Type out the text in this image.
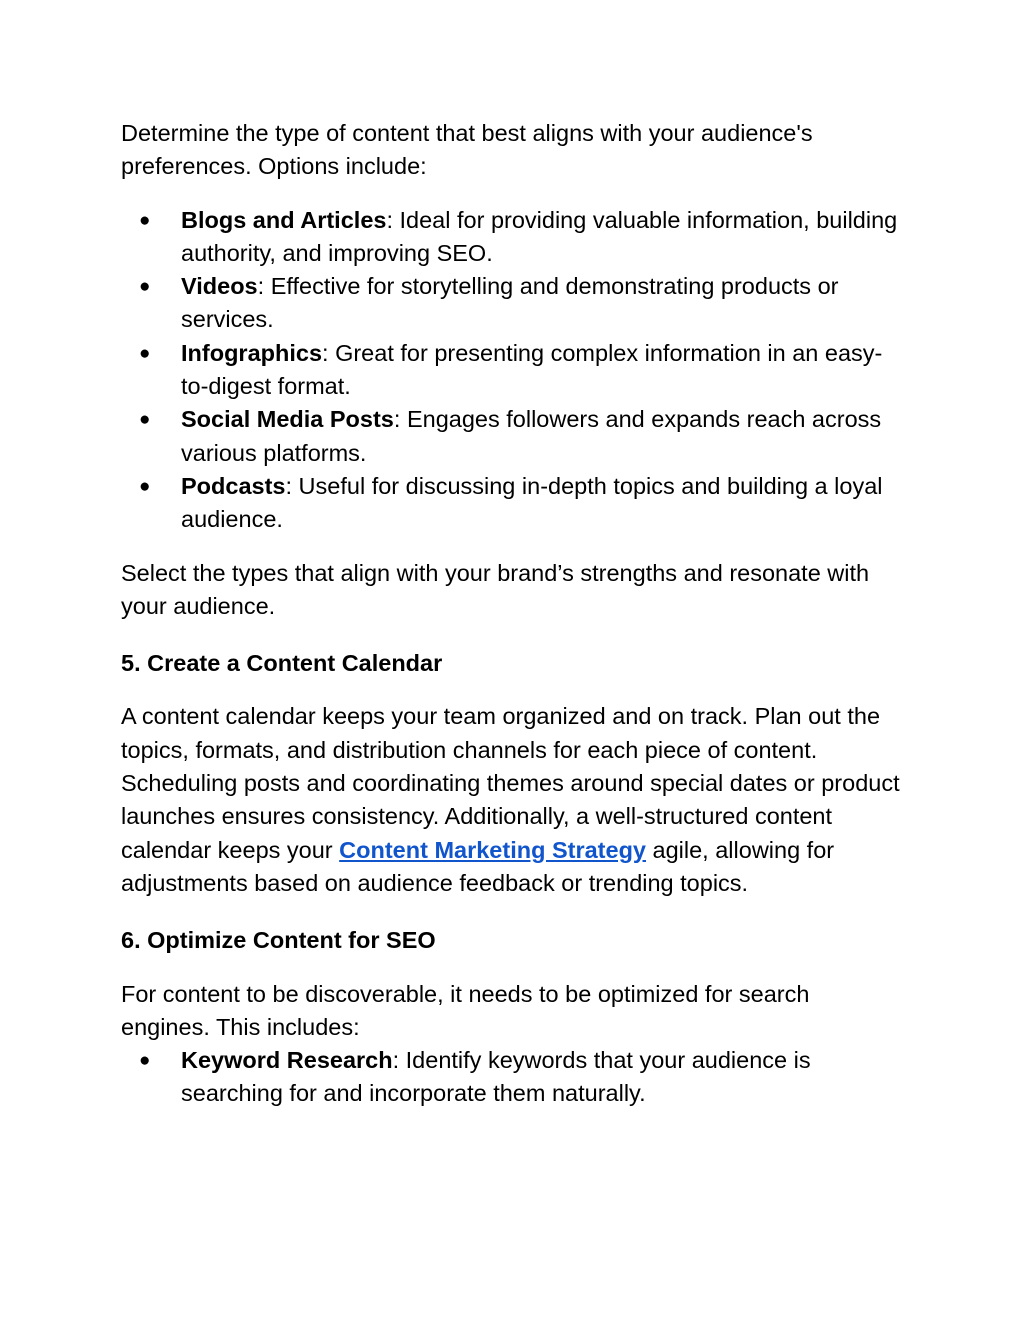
Determine the type of content that best aligns with your audience's preferences. Options include:

● Blogs and Articles: Ideal for providing valuable information, building authority, and improving SEO.
● Videos: Effective for storytelling and demonstrating products or services.
● Infographics: Great for presenting complex information in an easy-to-digest format.
● Social Media Posts: Engages followers and expands reach across various platforms.
● Podcasts: Useful for discussing in-depth topics and building a loyal audience.

Select the types that align with your brand’s strengths and resonate with your audience.

5. Create a Content Calendar

A content calendar keeps your team organized and on track. Plan out the topics, formats, and distribution channels for each piece of content. Scheduling posts and coordinating themes around special dates or product launches ensures consistency. Additionally, a well-structured content calendar keeps your Content Marketing Strategy agile, allowing for adjustments based on audience feedback or trending topics.

6. Optimize Content for SEO

For content to be discoverable, it needs to be optimized for search engines. This includes:

● Keyword Research: Identify keywords that your audience is searching for and incorporate them naturally.
